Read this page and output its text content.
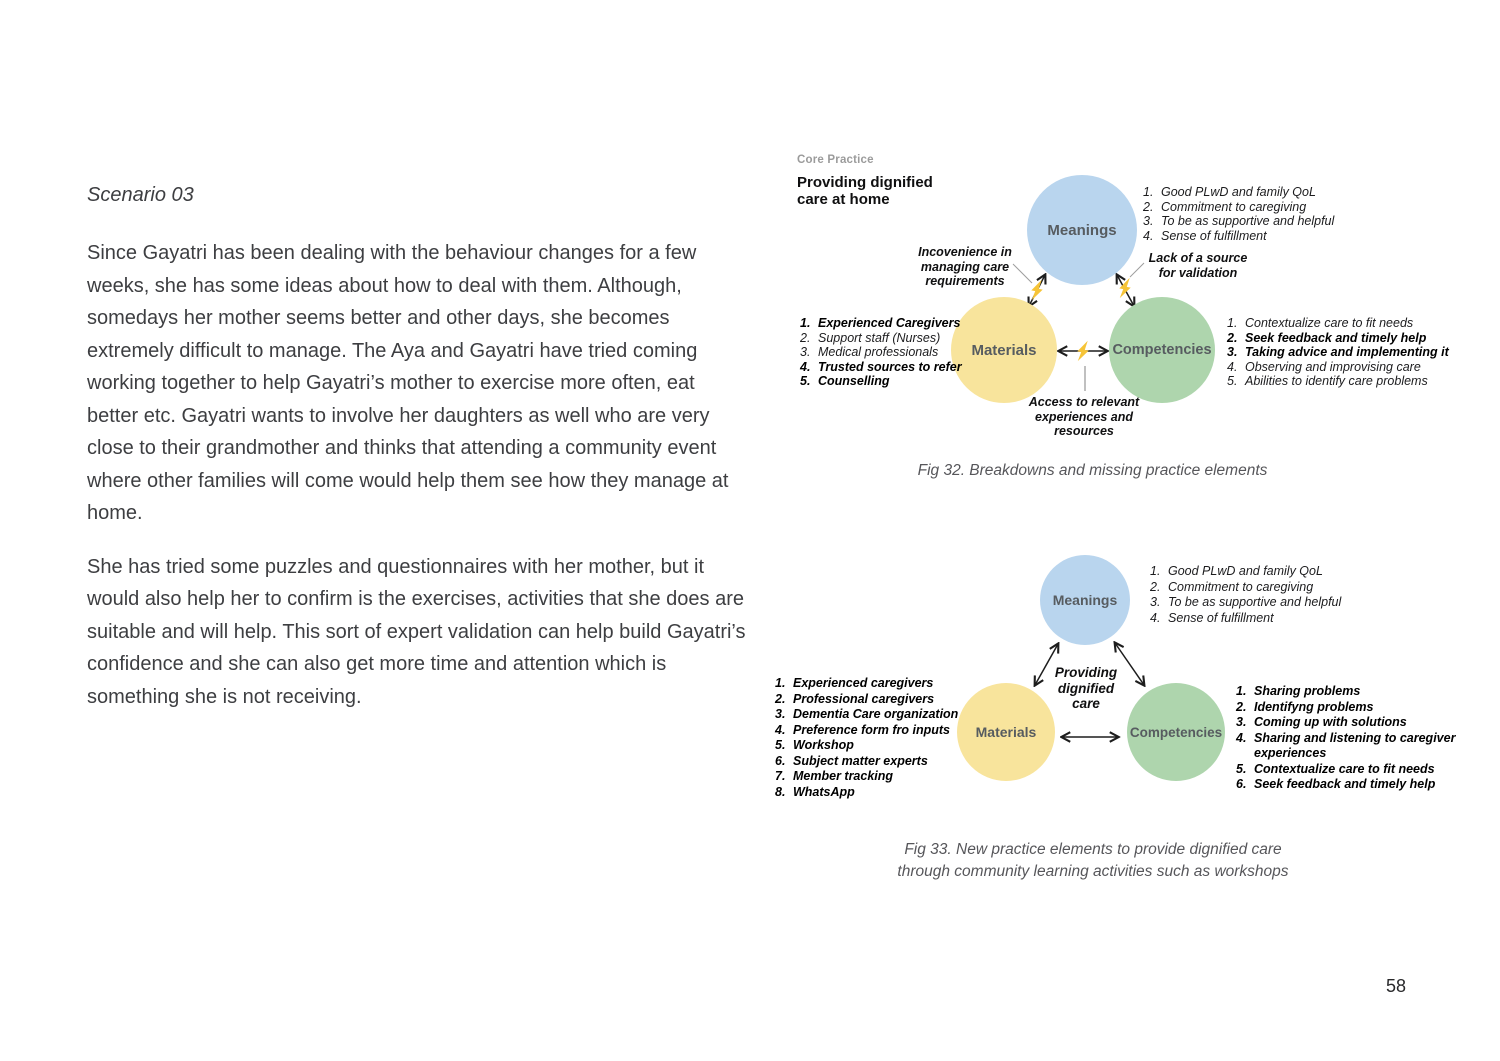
Scenario 03

Since Gayatri has been dealing with the behaviour changes for a few weeks, she has some ideas about how to deal with them. Although, somedays her mother seems better and other days, she becomes extremely difficult to manage. The Aya and Gayatri have tried coming working together to help Gayatri’s mother to exercise more often, eat better etc. Gayatri wants to involve her daughters as well who are very close to their grandmother and thinks that attending a community event where other families will come would help them see how they manage at home.

She has tried some puzzles and questionnaires with her mother, but it would also help her to confirm is the exercises, activities that she does are suitable and will help. This sort of expert validation can help build Gayatri’s confidence and she can also get more time and attention which is something she is not receiving.

Core Practice
Providing dignified
care at home
Meanings
Materials	Competencies
1. Good PLwD and family QoL
2. Commitment to caregiving
3. To be as supportive and helpful
4. Sense of fulfillment
Incovenience in managing care requirements
Lack of a source for validation
1. Experienced Caregivers
2. Support staff (Nurses)
3. Medical professionals
4. Trusted sources to refer
5. Counselling
1. Contextualize care to fit needs
2. Seek feedback and timely help
3. Taking advice and implementing it
4. Observing and improvising care
5. Abilities to identify care problems
Access to relevant experiences and resources
Fig 32. Breakdowns and missing practice elements
Meanings
Materials	Competencies
1. Good PLwD and family QoL
2. Commitment to caregiving
3. To be as supportive and helpful
4. Sense of fulfillment
Providing dignified care
1. Experienced caregivers
2. Professional caregivers
3. Dementia Care organization
4. Preference form fro inputs
5. Workshop
6. Subject matter experts
7. Member tracking
8. WhatsApp
1. Sharing problems
2. Identifyng problems
3. Coming up with solutions
4. Sharing and listening to caregiver experiences
5. Contextualize care to fit needs
6. Seek feedback and timely help
Fig 33. New practice elements to provide dignified care
through community learning activities such as workshops
58
